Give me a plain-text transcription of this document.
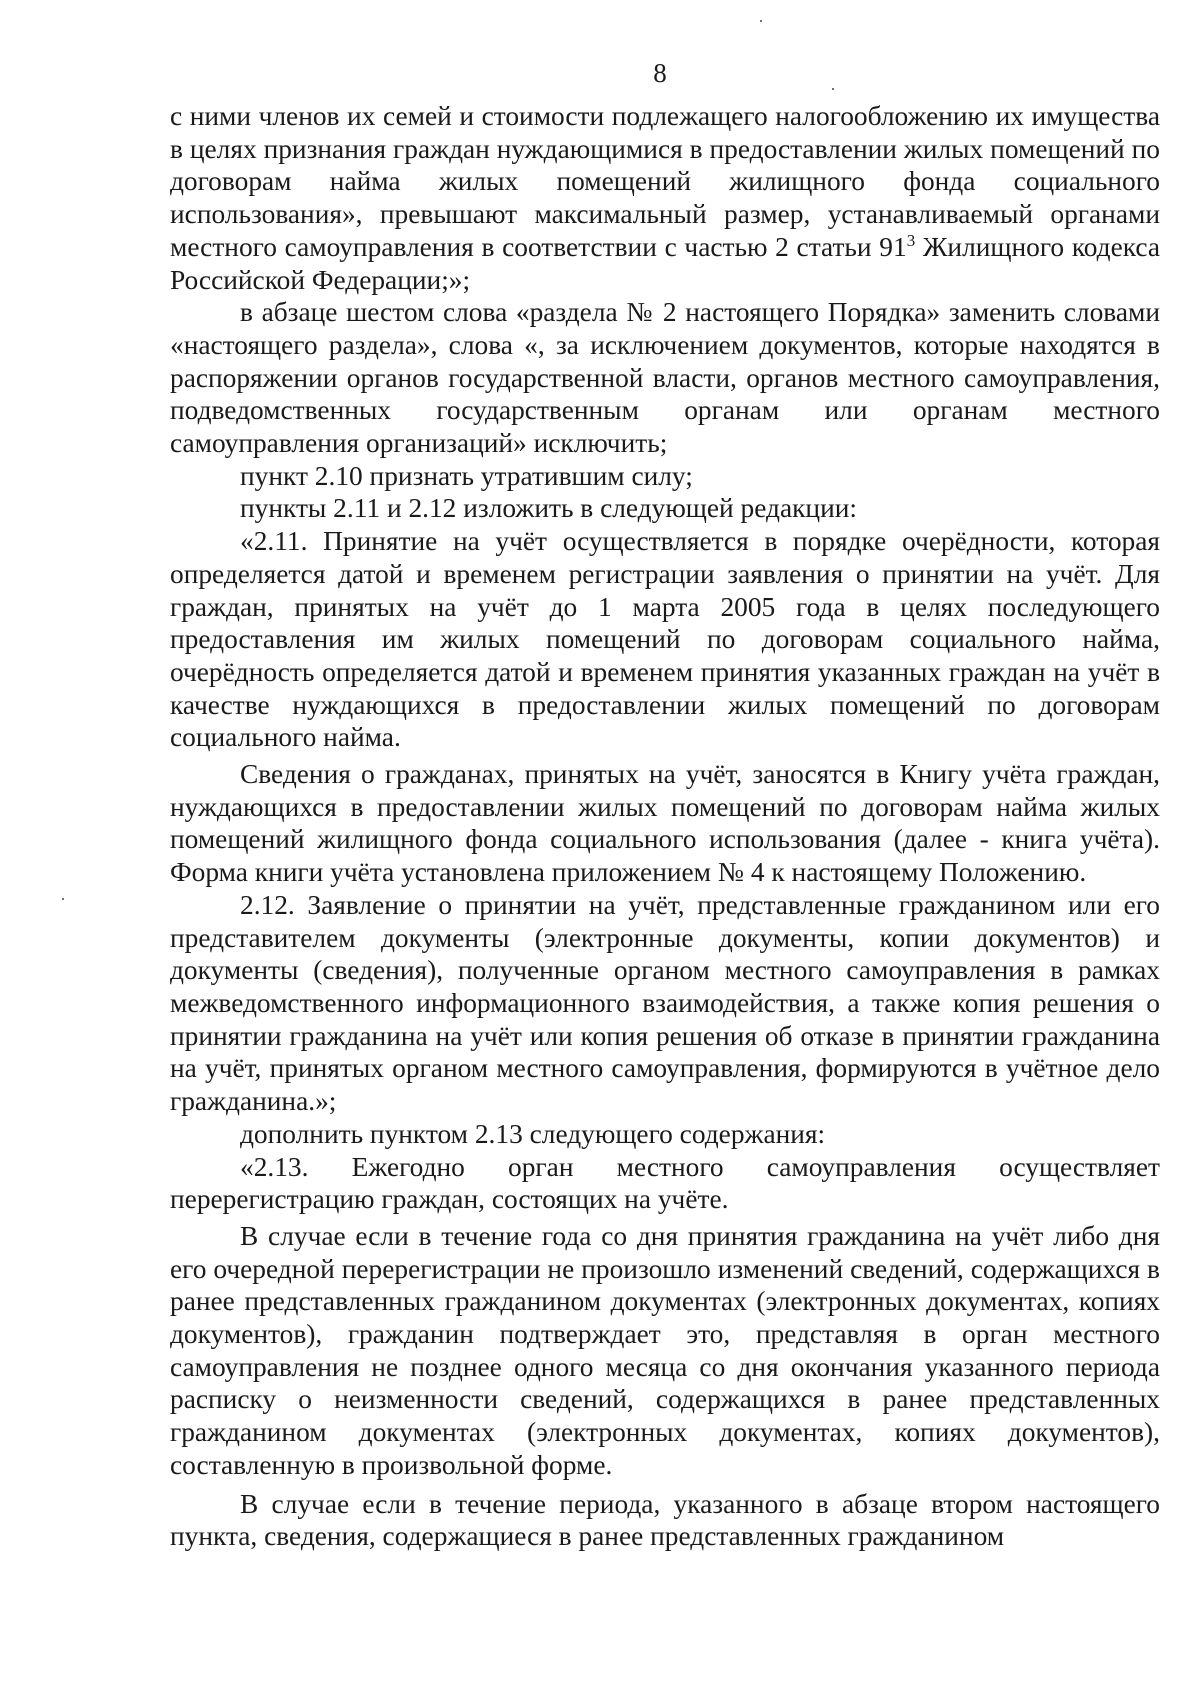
8

с ними членов их семей и стоимости подлежащего налогообложению их имущества в целях признания граждан нуждающимися в предоставлении жилых помещений по договорам найма жилых помещений жилищного фонда социального использования», превышают максимальный размер, устанавливаемый органами местного самоуправления в соответствии с частью 2 статьи $91^3$ Жилищного кодекса Российской Федерации;»;

в абзаце шестом слова «раздела № 2 настоящего Порядка» заменить словами «настоящего раздела», слова «, за исключением документов, которые находятся в распоряжении органов государственной власти, органов местного самоуправления, подведомственных государственным органам или органам местного самоуправления организаций» исключить;

пункт 2.10 признать утратившим силу;

пункты 2.11 и 2.12 изложить в следующей редакции:

«2.11. Принятие на учёт осуществляется в порядке очерёдности, которая определяется датой и временем регистрации заявления о принятии на учёт. Для граждан, принятых на учёт до 1 марта 2005 года в целях последующего предоставления им жилых помещений по договорам социального найма, очерёдность определяется датой и временем принятия указанных граждан на учёт в качестве нуждающихся в предоставлении жилых помещений по договорам социального найма.

Сведения о гражданах, принятых на учёт, заносятся в Книгу учёта граждан, нуждающихся в предоставлении жилых помещений по договорам найма жилых помещений жилищного фонда социального использования (далее - книга учёта). Форма книги учёта установлена приложением № 4 к настоящему Положению.

2.12. Заявление о принятии на учёт, представленные гражданином или его представителем документы (электронные документы, копии документов) и документы (сведения), полученные органом местного самоуправления в рамках межведомственного информационного взаимодействия, а также копия решения о принятии гражданина на учёт или копия решения об отказе в принятии гражданина на учёт, принятых органом местного самоуправления, формируются в учётное дело гражданина.»;

дополнить пунктом 2.13 следующего содержания:

«2.13. Ежегодно орган местного самоуправления осуществляет перерегистрацию граждан, состоящих на учёте.

В случае если в течение года со дня принятия гражданина на учёт либо дня его очередной перерегистрации не произошло изменений сведений, содержащихся в ранее представленных гражданином документах (электронных документах, копиях документов), гражданин подтверждает это, представляя в орган местного самоуправления не позднее одного месяца со дня окончания указанного периода расписку о неизменности сведений, содержащихся в ранее представленных гражданином документах (электронных документах, копиях документов), составленную в произвольной форме.

В случае если в течение периода, указанного в абзаце втором настоящего пункта, сведения, содержащиеся в ранее представленных гражданином
